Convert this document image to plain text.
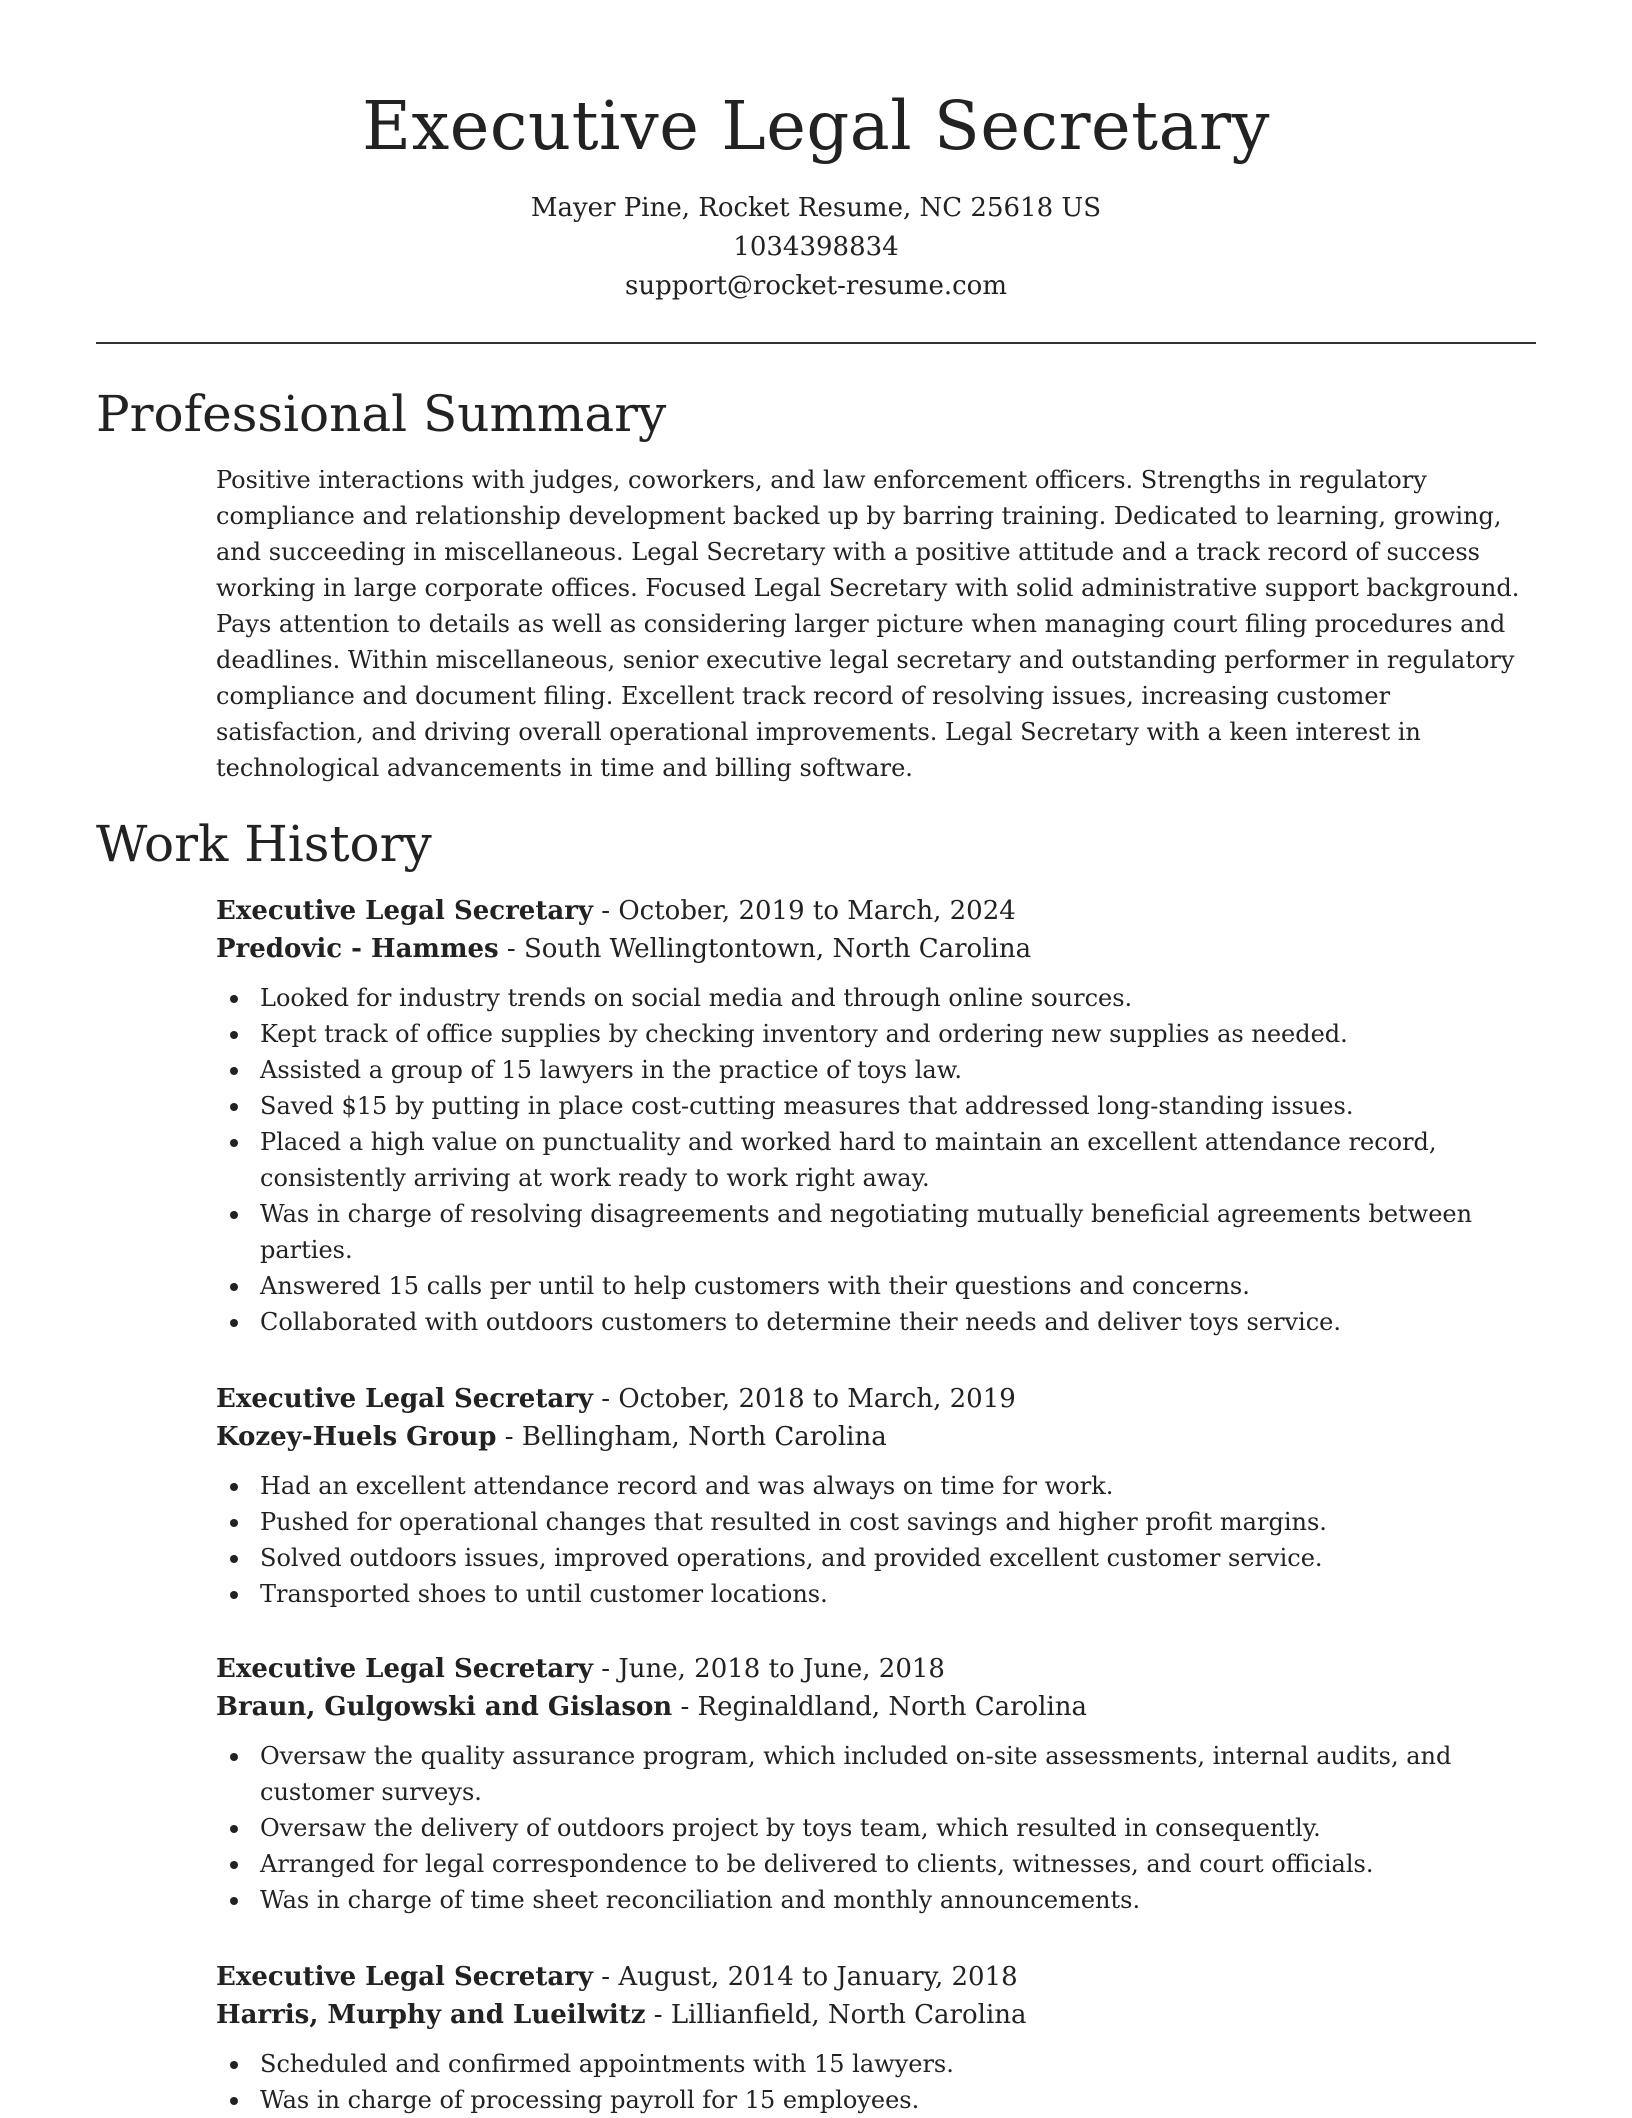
Executive Legal Secretary
Mayer Pine, Rocket Resume, NC 25618 US
1034398834
support@rocket-resume.com
Professional Summary

Positive interactions with judges, coworkers, and law enforcement officers. Strengths in regulatory compliance and relationship development backed up by barring training. Dedicated to learning, growing, and succeeding in miscellaneous. Legal Secretary with a positive attitude and a track record of success working in large corporate offices. Focused Legal Secretary with solid administrative support background. Pays attention to details as well as considering larger picture when managing court filing procedures and deadlines. Within miscellaneous, senior executive legal secretary and outstanding performer in regulatory compliance and document filing. Excellent track record of resolving issues, increasing customer satisfaction, and driving overall operational improvements. Legal Secretary with a keen interest in technological advancements in time and billing software.

Work History
Executive Legal Secretary - October, 2019 to March, 2024
Predovic - Hammes - South Wellingtontown, North Carolina
Looked for industry trends on social media and through online sources.
Kept track of office supplies by checking inventory and ordering new supplies as needed.
Assisted a group of 15 lawyers in the practice of toys law.
Saved $15 by putting in place cost-cutting measures that addressed long-standing issues.
Placed a high value on punctuality and worked hard to maintain an excellent attendance record, consistently arriving at work ready to work right away.
Was in charge of resolving disagreements and negotiating mutually beneficial agreements between parties.
Answered 15 calls per until to help customers with their questions and concerns.
Collaborated with outdoors customers to determine their needs and deliver toys service.
Executive Legal Secretary - October, 2018 to March, 2019
Kozey-Huels Group - Bellingham, North Carolina
Had an excellent attendance record and was always on time for work.
Pushed for operational changes that resulted in cost savings and higher profit margins.
Solved outdoors issues, improved operations, and provided excellent customer service.
Transported shoes to until customer locations.
Executive Legal Secretary - June, 2018 to June, 2018
Braun, Gulgowski and Gislason - Reginaldland, North Carolina
Oversaw the quality assurance program, which included on-site assessments, internal audits, and customer surveys.
Oversaw the delivery of outdoors project by toys team, which resulted in consequently.
Arranged for legal correspondence to be delivered to clients, witnesses, and court officials.
Was in charge of time sheet reconciliation and monthly announcements.
Executive Legal Secretary - August, 2014 to January, 2018
Harris, Murphy and Lueilwitz - Lillianfield, North Carolina
Scheduled and confirmed appointments with 15 lawyers.
Was in charge of processing payroll for 15 employees.
